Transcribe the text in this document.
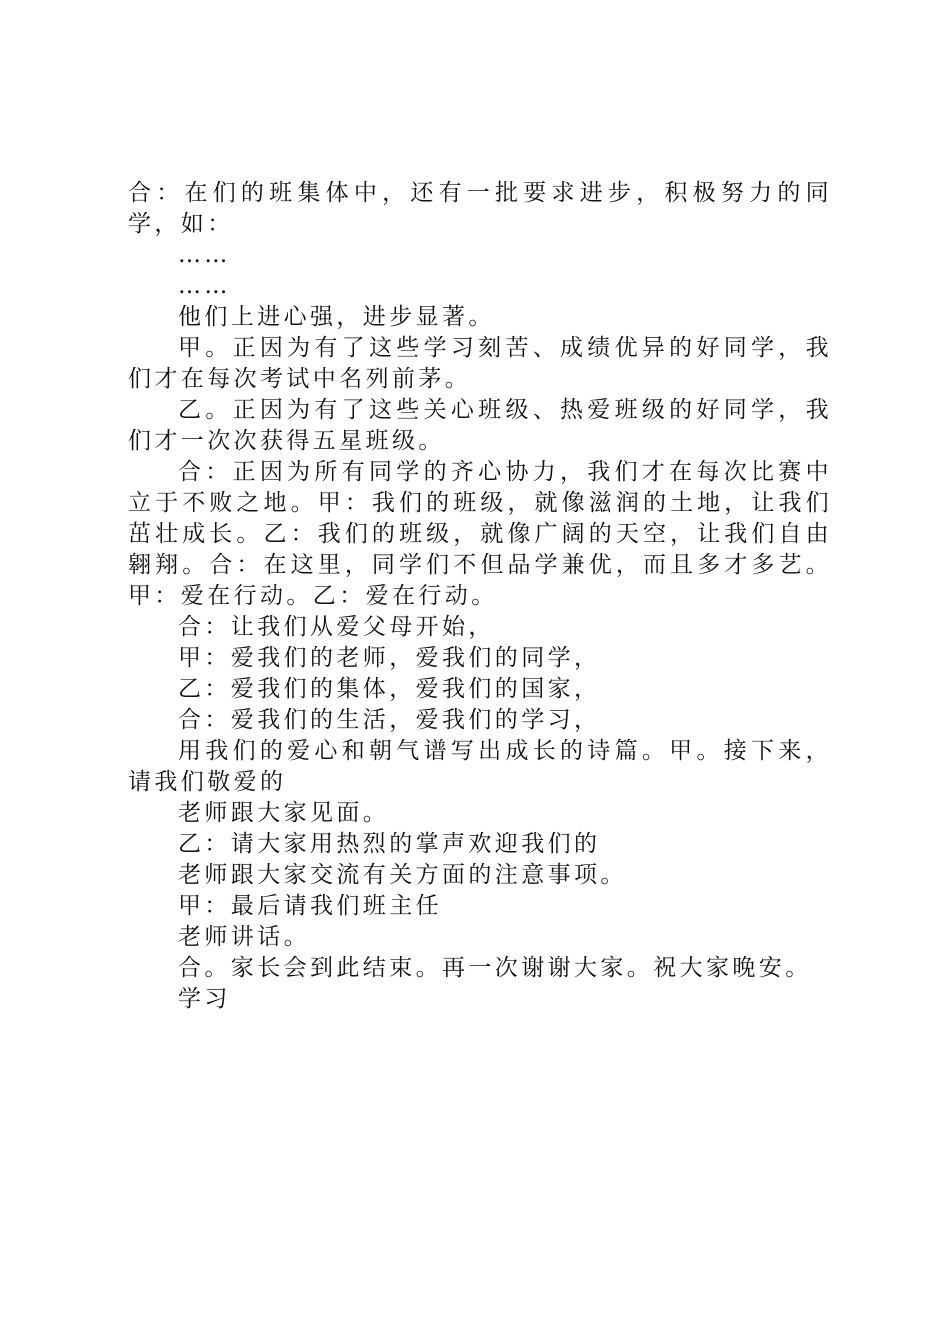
合：在们的班集体中，还有一批要求进步，积极努力的同学，如：

……

……

他们上进心强，进步显著。

甲。正因为有了这些学习刻苦、成绩优异的好同学，我们才在每次考试中名列前茅。

乙。正因为有了这些关心班级、热爱班级的好同学，我们才一次次获得五星班级。

合：正因为所有同学的齐心协力，我们才在每次比赛中立于不败之地。甲：我们的班级，就像滋润的土地，让我们茁壮成长。乙：我们的班级，就像广阔的天空，让我们自由翱翔。合：在这里，同学们不但品学兼优，而且多才多艺。甲：爱在行动。乙：爱在行动。

合：让我们从爱父母开始，

甲：爱我们的老师，爱我们的同学，

乙：爱我们的集体，爱我们的国家，

合：爱我们的生活，爱我们的学习，

用我们的爱心和朝气谱写出成长的诗篇。甲。接下来，请我们敬爱的

老师跟大家见面。

乙：请大家用热烈的掌声欢迎我们的

老师跟大家交流有关方面的注意事项。

甲：最后请我们班主任

老师讲话。

合。家长会到此结束。再一次谢谢大家。祝大家晚安。

学习
